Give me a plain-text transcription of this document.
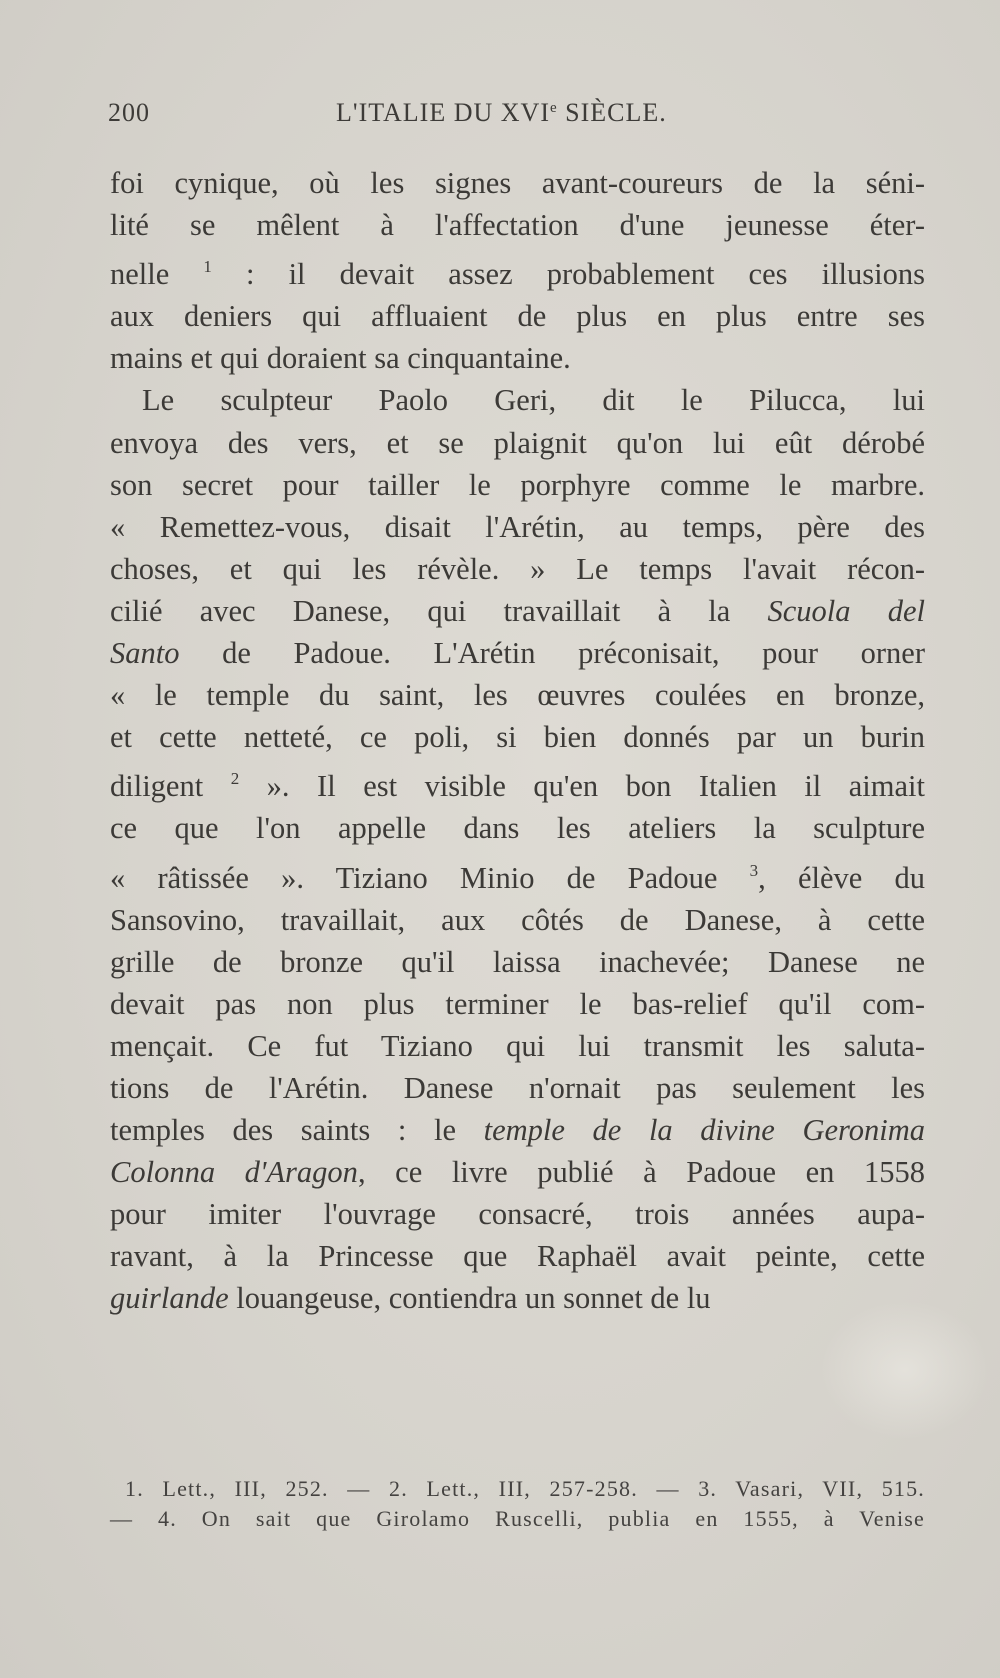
200	L'ITALIE DU XVIe SIÈCLE.

foi cynique, où les signes avant-coureurs de la séni-
lité se mêlent à l'affectation d'une jeunesse éter-
nelle $^1$ : il devait assez probablement ces illusions
aux deniers qui affluaient de plus en plus entre ses
mains et qui doraient sa cinquantaine.

Le sculpteur Paolo Geri, dit le Pilucca, lui
envoya des vers, et se plaignit qu'on lui eût dérobé
son secret pour tailler le porphyre comme le marbre.
« Remettez-vous, disait l'Arétin, au temps, père des
choses, et qui les révèle. » Le temps l'avait récon-
cilié avec Danese, qui travaillait à la Scuola del
Santo de Padoue. L'Arétin préconisait, pour orner
« le temple du saint, les œuvres coulées en bronze,
et cette netteté, ce poli, si bien donnés par un burin
diligent $^2$ ». Il est visible qu'en bon Italien il aimait
ce que l'on appelle dans les ateliers la sculpture
« râtissée ». Tiziano Minio de Padoue $^3$, élève du
Sansovino, travaillait, aux côtés de Danese, à cette
grille de bronze qu'il laissa inachevée; Danese ne
devait pas non plus terminer le bas-relief qu'il com-
mençait. Ce fut Tiziano qui lui transmit les saluta-
tions de l'Arétin. Danese n'ornait pas seulement les
temples des saints : le temple de la divine Geronima
Colonna d'Aragon, ce livre publié à Padoue en 1558
pour imiter l'ouvrage consacré, trois années aupa-
ravant, à la Princesse que Raphaël avait peinte, cette
guirlande louangeuse, contiendra un sonnet de lu

1. Lett., III, 252. — 2. Lett., III, 257-258. — 3. Vasari, VII, 515.
— 4. On sait que Girolamo Ruscelli, publia en 1555, à Venise
